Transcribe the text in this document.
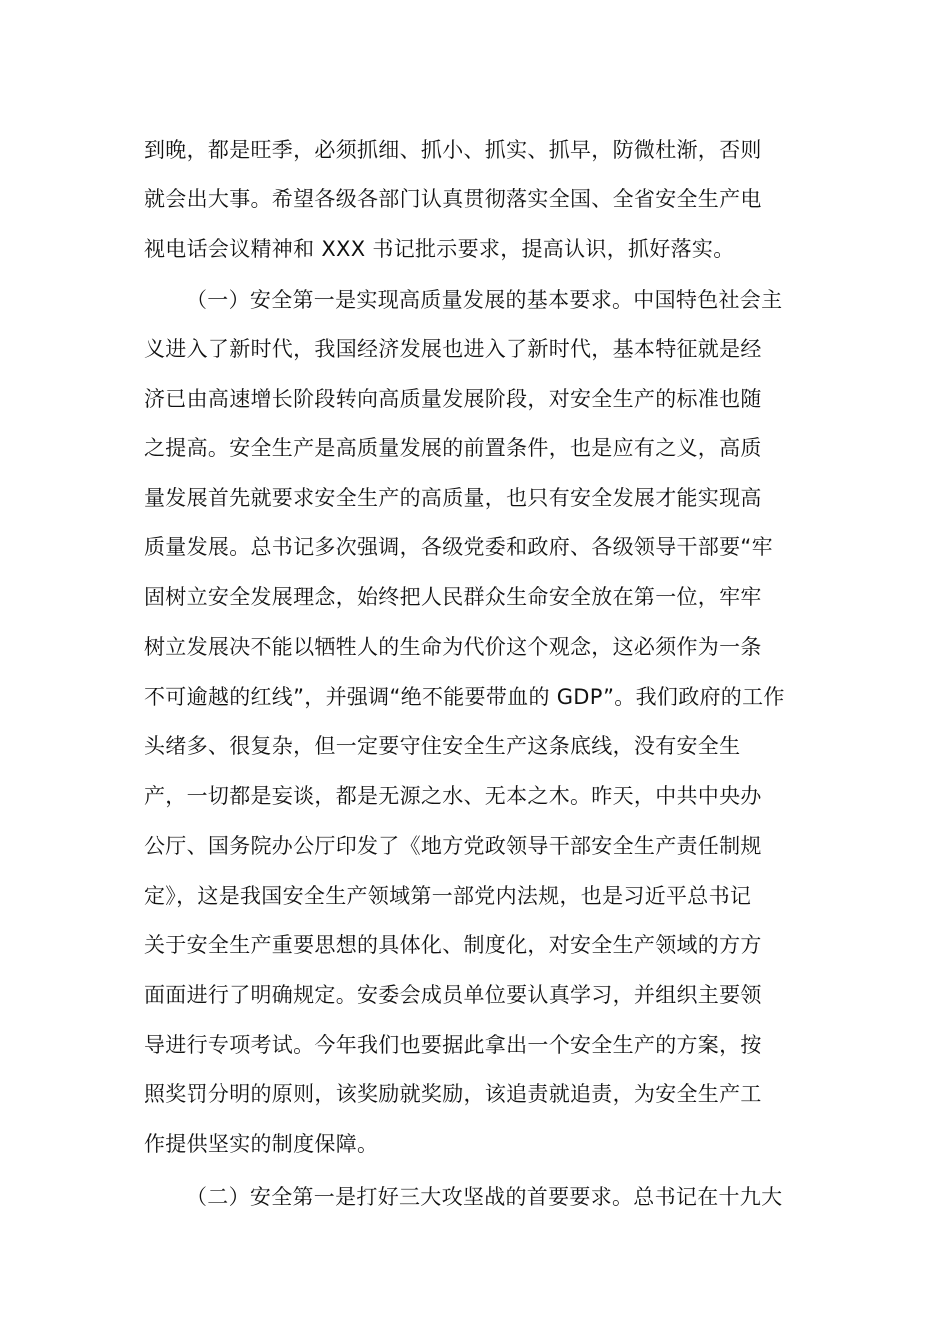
到晚，都是旺季，必须抓细、抓小、抓实、抓早，防微杜渐，否则
就会出大事。希望各级各部门认真贯彻落实全国、全省安全生产电
视电话会议精神和 XXX 书记批示要求，提高认识，抓好落实。
（一）安全第一是实现高质量发展的基本要求。中国特色社会主
义进入了新时代，我国经济发展也进入了新时代，基本特征就是经
济已由高速增长阶段转向高质量发展阶段，对安全生产的标准也随
之提高。安全生产是高质量发展的前置条件，也是应有之义，高质
量发展首先就要求安全生产的高质量，也只有安全发展才能实现高
质量发展。总书记多次强调，各级党委和政府、各级领导干部要“牢
固树立安全发展理念，始终把人民群众生命安全放在第一位，牢牢
树立发展决不能以牺牲人的生命为代价这个观念，这必须作为一条
不可逾越的红线”，并强调“绝不能要带血的 GDP”。我们政府的工作
头绪多、很复杂，但一定要守住安全生产这条底线，没有安全生
产，一切都是妄谈，都是无源之水、无本之木。昨天，中共中央办
公厅、国务院办公厅印发了《地方党政领导干部安全生产责任制规
定》，这是我国安全生产领域第一部党内法规，也是习近平总书记
关于安全生产重要思想的具体化、制度化，对安全生产领域的方方
面面进行了明确规定。安委会成员单位要认真学习，并组织主要领
导进行专项考试。今年我们也要据此拿出一个安全生产的方案，按
照奖罚分明的原则，该奖励就奖励，该追责就追责，为安全生产工
作提供坚实的制度保障。
（二）安全第一是打好三大攻坚战的首要要求。总书记在十九大
